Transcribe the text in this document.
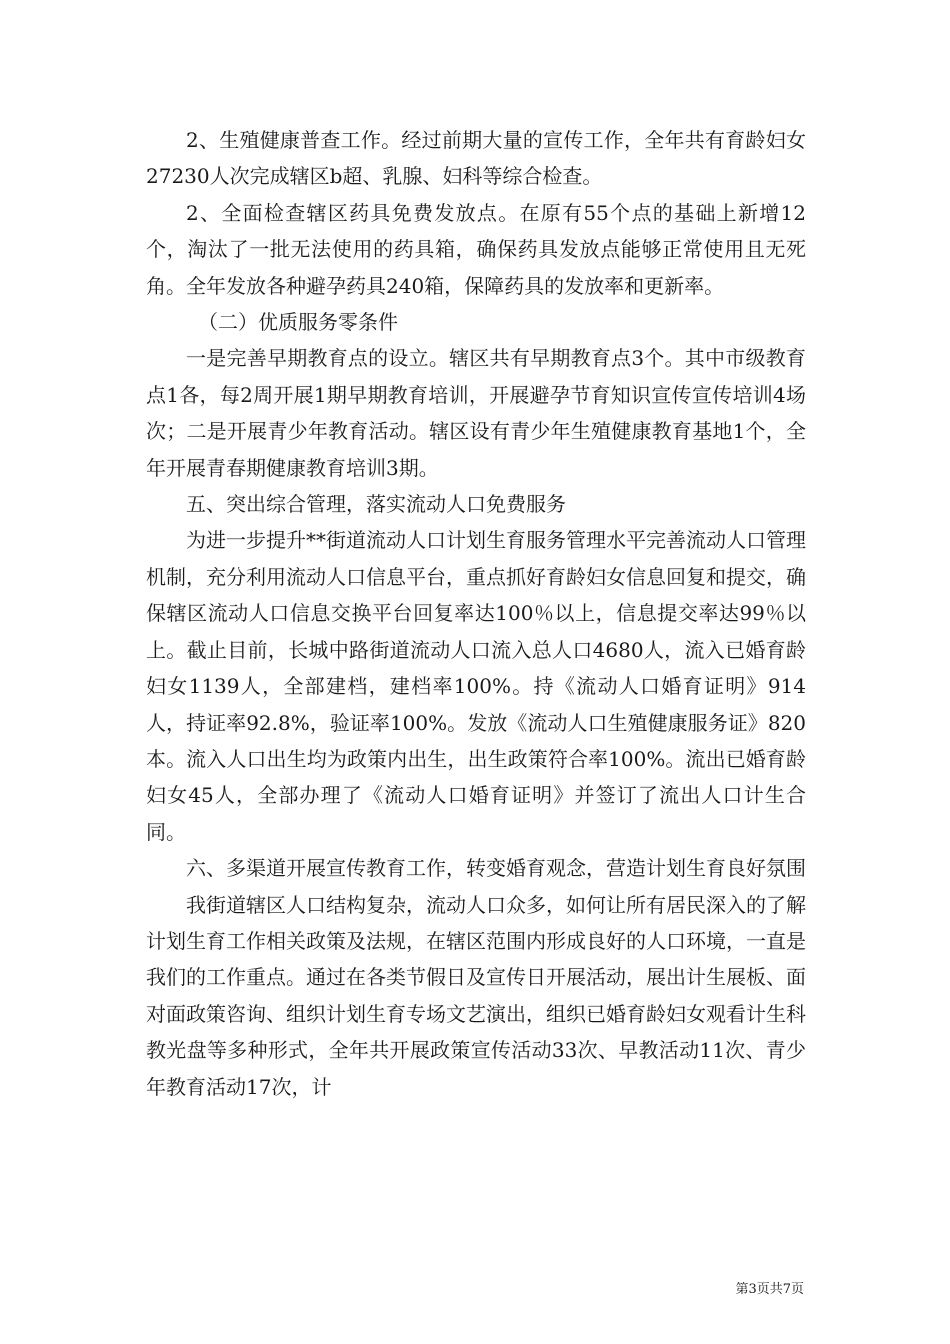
2、生殖健康普查工作。经过前期大量的宣传工作，全年共有育龄妇女27230人次完成辖区b超、乳腺、妇科等综合检查。

2、全面检查辖区药具免费发放点。在原有55个点的基础上新增12个，淘汰了一批无法使用的药具箱，确保药具发放点能够正常使用且无死角。全年发放各种避孕药具240箱，保障药具的发放率和更新率。

（二）优质服务零条件

一是完善早期教育点的设立。辖区共有早期教育点3个。其中市级教育点1各，每2周开展1期早期教育培训，开展避孕节育知识宣传宣传培训4场次；二是开展青少年教育活动。辖区设有青少年生殖健康教育基地1个，全年开展青春期健康教育培训3期。

五、突出综合管理，落实流动人口免费服务

为进一步提升**街道流动人口计划生育服务管理水平完善流动人口管理机制，充分利用流动人口信息平台，重点抓好育龄妇女信息回复和提交，确保辖区流动人口信息交换平台回复率达100％以上，信息提交率达99％以上。截止目前，长城中路街道流动人口流入总人口4680人，流入已婚育龄妇女1139人，全部建档，建档率100%。持《流动人口婚育证明》914人，持证率92.8%，验证率100%。发放《流动人口生殖健康服务证》820本。流入人口出生均为政策内出生，出生政策符合率100%。流出已婚育龄妇女45人，全部办理了《流动人口婚育证明》并签订了流出人口计生合同。

六、多渠道开展宣传教育工作，转变婚育观念，营造计划生育良好氛围

我街道辖区人口结构复杂，流动人口众多，如何让所有居民深入的了解计划生育工作相关政策及法规，在辖区范围内形成良好的人口环境，一直是我们的工作重点。通过在各类节假日及宣传日开展活动，展出计生展板、面对面政策咨询、组织计划生育专场文艺演出，组织已婚育龄妇女观看计生科教光盘等多种形式，全年共开展政策宣传活动33次、早教活动11次、青少年教育活动17次，计

第3页共7页
